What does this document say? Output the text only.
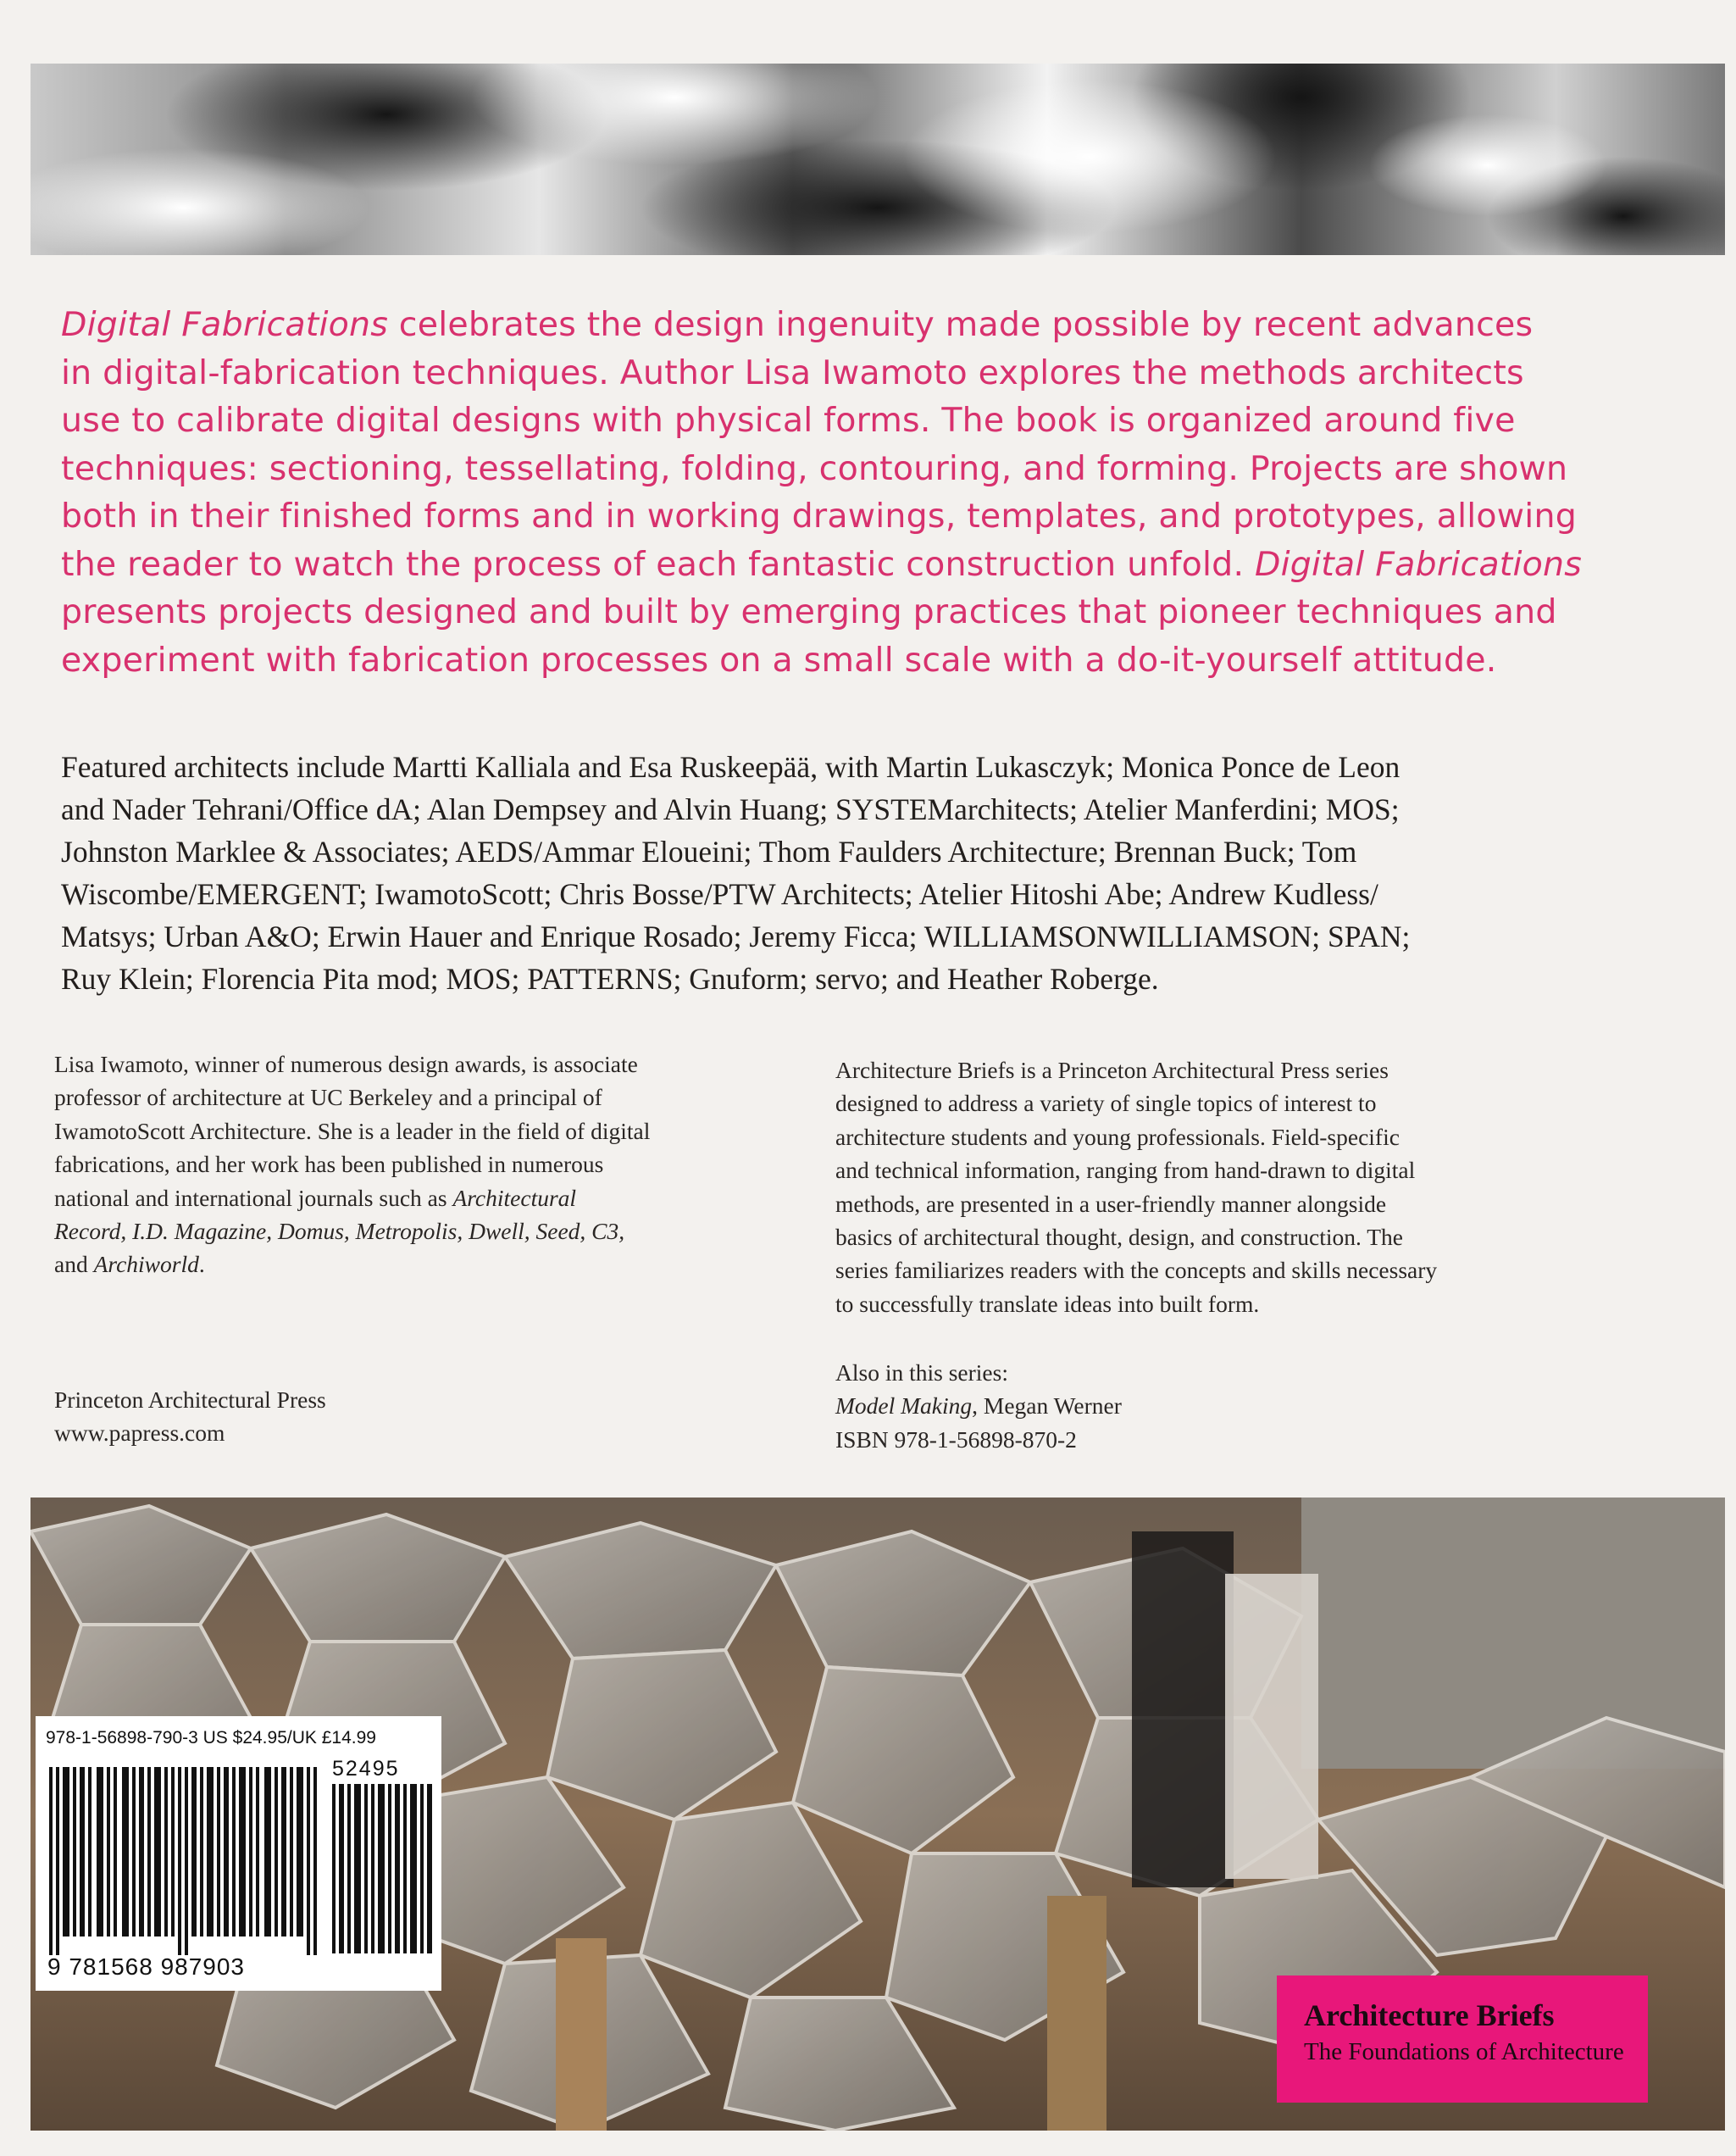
Digital Fabrications celebrates the design ingenuity made possible by recent advances
in digital-fabrication techniques. Author Lisa Iwamoto explores the methods architects
use to calibrate digital designs with physical forms. The book is organized around five
techniques: sectioning, tessellating, folding, contouring, and forming. Projects are shown
both in their finished forms and in working drawings, templates, and prototypes, allowing
the reader to watch the process of each fantastic construction unfold. Digital Fabrications
presents projects designed and built by emerging practices that pioneer techniques and
experiment with fabrication processes on a small scale with a do-it-yourself attitude.

Featured architects include Martti Kalliala and Esa Ruskeepää, with Martin Lukasczyk; Monica Ponce de Leon
and Nader Tehrani/Office dA; Alan Dempsey and Alvin Huang; SYSTEMarchitects; Atelier Manferdini; MOS;
Johnston Marklee & Associates; AEDS/Ammar Eloueini; Thom Faulders Architecture; Brennan Buck; Tom
Wiscombe/EMERGENT; IwamotoScott; Chris Bosse/PTW Architects; Atelier Hitoshi Abe; Andrew Kudless/
Matsys; Urban A&O; Erwin Hauer and Enrique Rosado; Jeremy Ficca; WILLIAMSONWILLIAMSON; SPAN;
Ruy Klein; Florencia Pita mod; MOS; PATTERNS; Gnuform; servo; and Heather Roberge.

Lisa Iwamoto, winner of numerous design awards, is associate
professor of architecture at UC Berkeley and a principal of
IwamotoScott Architecture. She is a leader in the field of digital
fabrications, and her work has been published in numerous
national and international journals such as Architectural
Record, I.D. Magazine, Domus, Metropolis, Dwell, Seed, C3,
and Archiworld.

Architecture Briefs is a Princeton Architectural Press series
designed to address a variety of single topics of interest to
architecture students and young professionals. Field-specific
and technical information, ranging from hand-drawn to digital
methods, are presented in a user-friendly manner alongside
basics of architectural thought, design, and construction. The
series familiarizes readers with the concepts and skills necessary
to successfully translate ideas into built form.

Princeton Architectural Press
www.papress.com
Also in this series:
Model Making, Megan Werner
ISBN 978-1-56898-870-2
978-1-56898-790-3 US $24.95/UK £14.99
52495
9 781568 987903
Architecture Briefs
The Foundations of Architecture
